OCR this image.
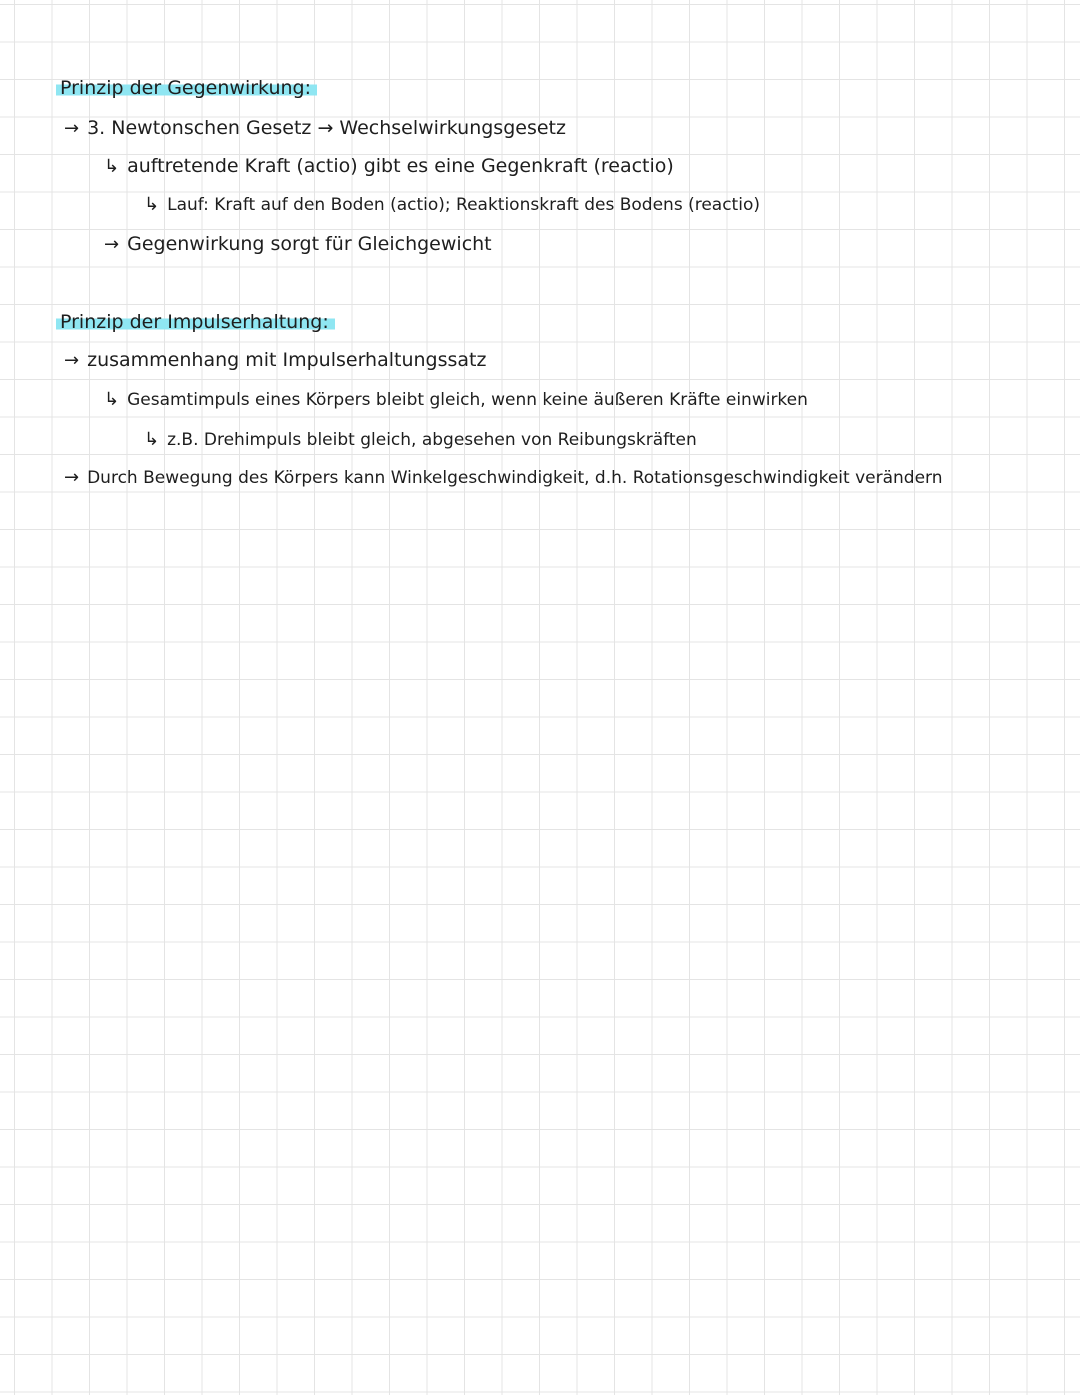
Prinzip der Gegenwirkung:
→ 3. Newtonschen Gesetz → Wechselwirkungsgesetz
↳ auftretende Kraft (actio) gibt es eine Gegenkraft (reactio)
↳ Lauf: Kraft auf den Boden (actio); Reaktionskraft des Bodens (reactio)
→ Gegenwirkung sorgt für Gleichgewicht
Prinzip der Impulserhaltung:
→ zusammenhang mit Impulserhaltungssatz
↳ Gesamtimpuls eines Körpers bleibt gleich, wenn keine äußeren Kräfte einwirken
↳ z.B. Drehimpuls bleibt gleich, abgesehen von Reibungskräften
→ Durch Bewegung des Körpers kann Winkelgeschwindigkeit, d.h. Rotationsgeschwindigkeit verändern
